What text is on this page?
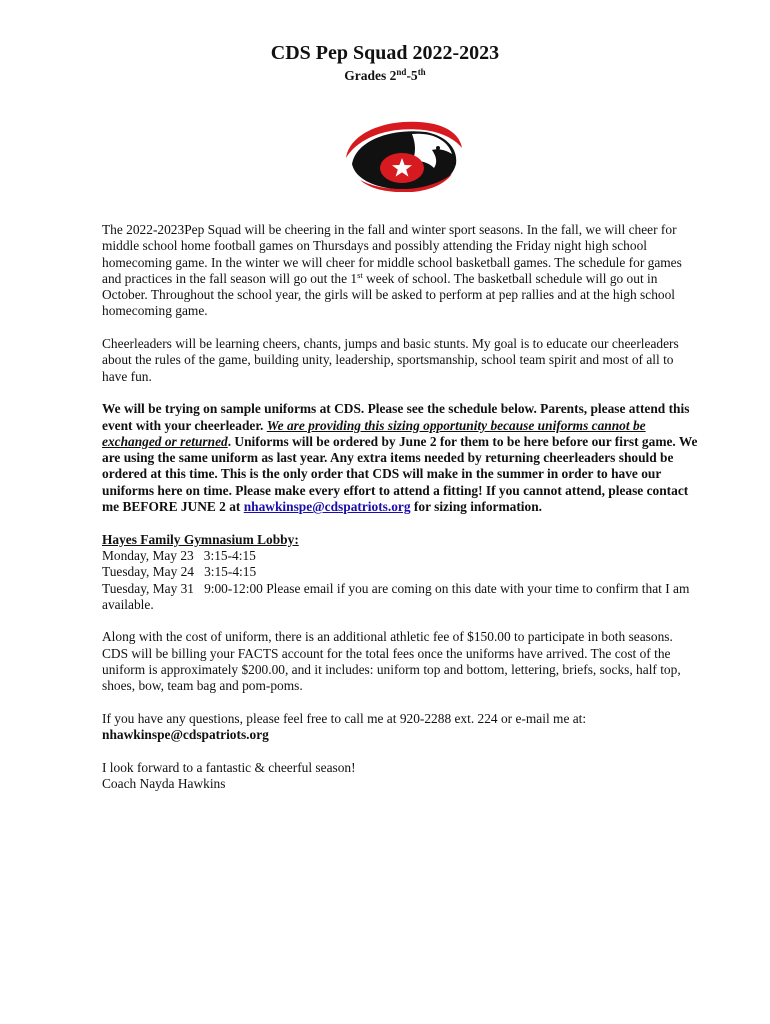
CDS Pep Squad 2022-2023
Grades 2nd-5th

The 2022-2023Pep Squad will be cheering in the fall and winter sport seasons. In the fall, we will cheer for middle school home football games on Thursdays and possibly attending the Friday night high school homecoming game. In the winter we will cheer for middle school basketball games. The schedule for games and practices in the fall season will go out the 1st week of school. The basketball schedule will go out in October. Throughout the school year, the girls will be asked to perform at pep rallies and at the high school homecoming game.

Cheerleaders will be learning cheers, chants, jumps and basic stunts. My goal is to educate our cheerleaders about the rules of the game, building unity, leadership, sportsmanship, school team spirit and most of all to have fun.

We will be trying on sample uniforms at CDS. Please see the schedule below. Parents, please attend this event with your cheerleader. We are providing this sizing opportunity because uniforms cannot be exchanged or returned. Uniforms will be ordered by June 2 for them to be here before our first game. We are using the same uniform as last year. Any extra items needed by returning cheerleaders should be ordered at this time. This is the only order that CDS will make in the summer in order to have our uniforms here on time. Please make every effort to attend a fitting! If you cannot attend, please contact me BEFORE JUNE 2 at nhawkinspe@cdspatriots.org for sizing information.

Hayes Family Gymnasium Lobby:
Monday, May 23 3:15-4:15
Tuesday, May 24 3:15-4:15
Tuesday, May 31 9:00-12:00 Please email if you are coming on this date with your time to confirm that I am available.

Along with the cost of uniform, there is an additional athletic fee of $150.00 to participate in both seasons. CDS will be billing your FACTS account for the total fees once the uniforms have arrived. The cost of the uniform is approximately $200.00, and it includes: uniform top and bottom, lettering, briefs, socks, half top, shoes, bow, team bag and pom-poms.

If you have any questions, please feel free to call me at 920-2288 ext. 224 or e-mail me at:
nhawkinspe@cdspatriots.org

I look forward to a fantastic & cheerful season!
Coach Nayda Hawkins
